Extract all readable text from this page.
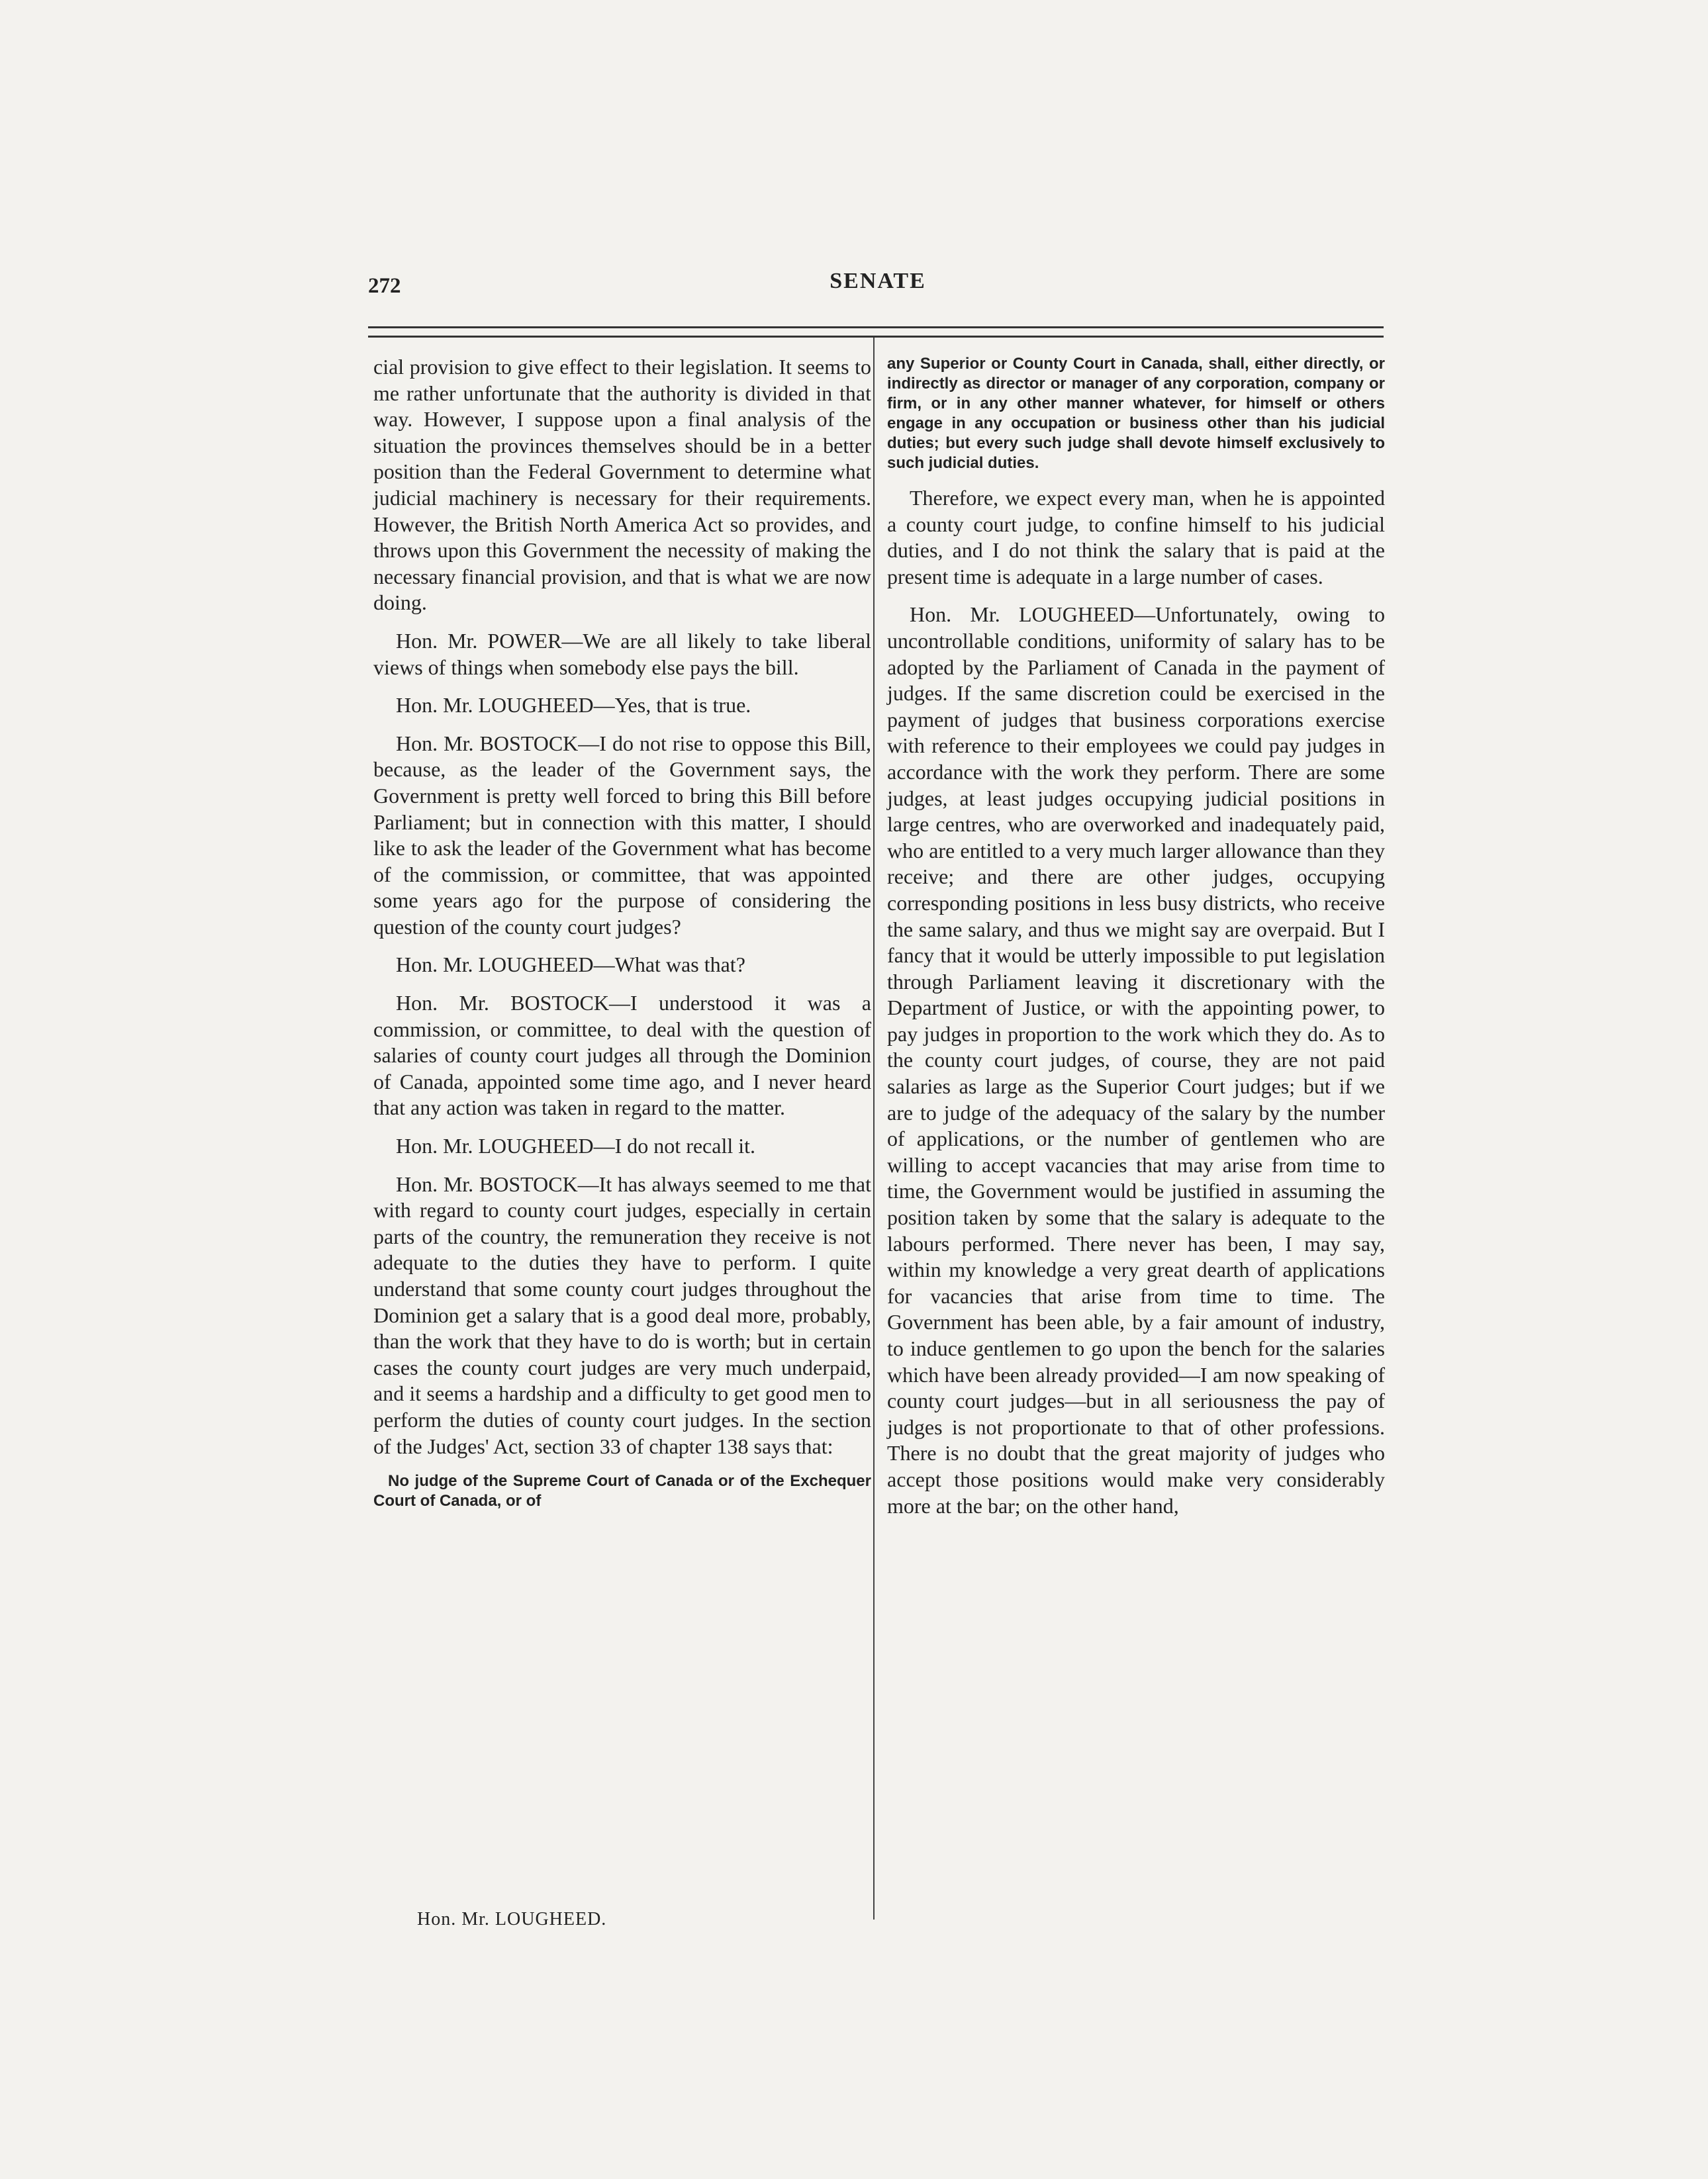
272	SENATE

cial provision to give effect to their legislation. It seems to me rather unfortunate that the authority is divided in that way. However, I suppose upon a final analysis of the situation the provinces themselves should be in a better position than the Federal Government to determine what judicial machinery is necessary for their requirements. However, the British North America Act so provides, and throws upon this Government the necessity of making the necessary financial provision, and that is what we are now doing.

Hon. Mr. POWER—We are all likely to take liberal views of things when somebody else pays the bill.

Hon. Mr. LOUGHEED—Yes, that is true.

Hon. Mr. BOSTOCK—I do not rise to oppose this Bill, because, as the leader of the Government says, the Government is pretty well forced to bring this Bill before Parliament; but in connection with this matter, I should like to ask the leader of the Government what has become of the commission, or committee, that was appointed some years ago for the purpose of considering the question of the county court judges?

Hon. Mr. LOUGHEED—What was that?

Hon. Mr. BOSTOCK—I understood it was a commission, or committee, to deal with the question of salaries of county court judges all through the Dominion of Canada, appointed some time ago, and I never heard that any action was taken in regard to the matter.

Hon. Mr. LOUGHEED—I do not recall it.

Hon. Mr. BOSTOCK—It has always seemed to me that with regard to county court judges, especially in certain parts of the country, the remuneration they receive is not adequate to the duties they have to perform. I quite understand that some county court judges throughout the Dominion get a salary that is a good deal more, probably, than the work that they have to do is worth; but in certain cases the county court judges are very much underpaid, and it seems a hardship and a difficulty to get good men to perform the duties of county court judges. In the section of the Judges' Act, section 33 of chapter 138 says that:

No judge of the Supreme Court of Canada or of the Exchequer Court of Canada, or of

any Superior or County Court in Canada, shall, either directly, or indirectly as director or manager of any corporation, company or firm, or in any other manner whatever, for himself or others engage in any occupation or business other than his judicial duties; but every such judge shall devote himself exclusively to such judicial duties.

Therefore, we expect every man, when he is appointed a county court judge, to confine himself to his judicial duties, and I do not think the salary that is paid at the present time is adequate in a large number of cases.

Hon. Mr. LOUGHEED—Unfortunately, owing to uncontrollable conditions, uniformity of salary has to be adopted by the Parliament of Canada in the payment of judges. If the same discretion could be exercised in the payment of judges that business corporations exercise with reference to their employees we could pay judges in accordance with the work they perform. There are some judges, at least judges occupying judicial positions in large centres, who are overworked and inadequately paid, who are entitled to a very much larger allowance than they receive; and there are other judges, occupying corresponding positions in less busy districts, who receive the same salary, and thus we might say are overpaid. But I fancy that it would be utterly impossible to put legislation through Parliament leaving it discretionary with the Department of Justice, or with the appointing power, to pay judges in proportion to the work which they do. As to the county court judges, of course, they are not paid salaries as large as the Superior Court judges; but if we are to judge of the adequacy of the salary by the number of applications, or the number of gentlemen who are willing to accept vacancies that may arise from time to time, the Government would be justified in assuming the position taken by some that the salary is adequate to the labours performed. There never has been, I may say, within my knowledge a very great dearth of applications for vacancies that arise from time to time. The Government has been able, by a fair amount of industry, to induce gentlemen to go upon the bench for the salaries which have been already provided—I am now speaking of county court judges—but in all seriousness the pay of judges is not proportionate to that of other professions. There is no doubt that the great majority of judges who accept those positions would make very considerably more at the bar; on the other hand,

Hon. Mr. LOUGHEED.
